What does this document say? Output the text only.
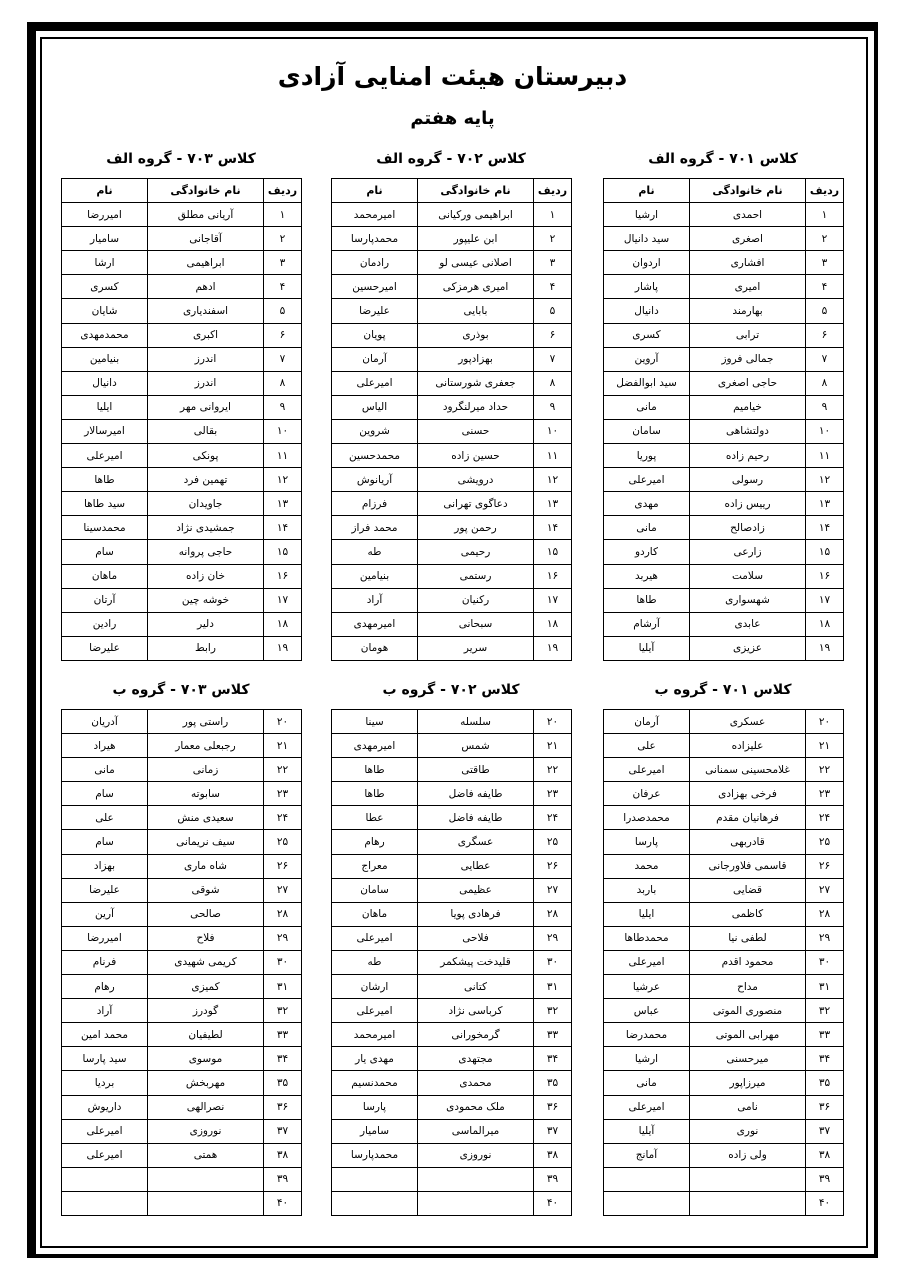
دبیرستان هیئت امنایی آزادی
پایه هفتم
کلاس ۷۰۱ - گروه الف
ردیف	نام خانوادگی	نام
۱	احمدی	ارشیا
۲	اصغری	سید دانیال
۳	افشاری	اردوان
۴	امیری	پاشار
۵	بهارمند	دانیال
۶	ترابی	کسری
۷	جمالی فروز	آروین
۸	حاجی اصغری	سید ابوالفضل
۹	خیامیم	مانی
۱۰	دولتشاهی	سامان
۱۱	رحیم زاده	پوریا
۱۲	رسولی	امیرعلی
۱۳	رییس زاده	مهدی
۱۴	زادصالح	مانی
۱۵	زارعی	کاردو
۱۶	سلامت	هیربد
۱۷	شهسواری	طاها
۱۸	عابدی	آرشام
۱۹	عزیزی	آیلیا
کلاس ۷۰۲ - گروه الف
ردیف	نام خانوادگی	نام
۱	ابراهیمی ورکیانی	امیرمحمد
۲	ابن علیپور	محمدپارسا
۳	اصلانی عیسی لو	رادمان
۴	امیری هرمزکی	امیرحسین
۵	بابایی	علیرضا
۶	بوذری	پویان
۷	بهزادپور	آرمان
۸	جعفری شورستانی	امیرعلی
۹	حداد میرلنگرود	الیاس
۱۰	حسنی	شروین
۱۱	حسین زاده	محمدحسین
۱۲	درویشی	آریانوش
۱۳	دعاگوی تهرانی	فرزام
۱۴	رحمن پور	محمد فراز
۱۵	رحیمی	طه
۱۶	رستمی	بنیامین
۱۷	رکنیان	آراد
۱۸	سبحانی	امیرمهدی
۱۹	سریر	هومان
کلاس ۷۰۳ - گروه الف
ردیف	نام خانوادگی	نام
۱	آریانی مطلق	امیررضا
۲	آقاجانی	سامیار
۳	ابراهیمی	ارشا
۴	ادهم	کسری
۵	اسفندیاری	شایان
۶	اکبری	محمدمهدی
۷	اندرز	بنیامین
۸	اندرز	دانیال
۹	ایروانی مهر	ایلیا
۱۰	بقالی	امیرسالار
۱۱	پونکی	امیرعلی
۱۲	تهمین فرد	طاها
۱۳	جاویدان	سید طاها
۱۴	جمشیدی نژاد	محمدسینا
۱۵	حاجی پروانه	سام
۱۶	خان زاده	ماهان
۱۷	خوشه چین	آرتان
۱۸	دلیر	رادین
۱۹	رابط	علیرضا
کلاس ۷۰۱ - گروه ب
۲۰	عسکری	آرمان
۲۱	علیزاده	علی
۲۲	غلامحسینی سمنانی	امیرعلی
۲۳	فرخی بهزادی	عرفان
۲۴	فرهانیان مقدم	محمدصدرا
۲۵	قادربهی	پارسا
۲۶	قاسمی فلاورجانی	محمد
۲۷	قضایی	باربد
۲۸	کاظمی	ایلیا
۲۹	لطفی نیا	محمدطاها
۳۰	محمود اقدم	امیرعلی
۳۱	مداح	عرشیا
۳۲	منصوری الموتی	عباس
۳۳	مهرابی الموتی	محمدرضا
۳۴	میرحسنی	ارشیا
۳۵	میرزاپور	مانی
۳۶	نامی	امیرعلی
۳۷	نوری	آیلیا
۳۸	ولی زاده	آمانج
۳۹		
۴۰		
کلاس ۷۰۲ - گروه ب
۲۰	سلسله	سینا
۲۱	شمس	امیرمهدی
۲۲	طاقتی	طاها
۲۳	طایفه فاضل	طاها
۲۴	طایفه فاضل	عطا
۲۵	عسگری	رهام
۲۶	عطایی	معراج
۲۷	عظیمی	سامان
۲۸	فرهادی پویا	ماهان
۲۹	فلاحی	امیرعلی
۳۰	قلیدخت پیشکمر	طه
۳۱	کتانی	ارشان
۳۲	کرباسی نژاد	امیرعلی
۳۳	گرمخورانی	امیرمحمد
۳۴	مجتهدی	مهدی یار
۳۵	محمدی	محمدنسیم
۳۶	ملک محمودی	پارسا
۳۷	میرالماسی	سامیار
۳۸	نوروزی	محمدپارسا
۳۹		
۴۰		
کلاس ۷۰۳ - گروه ب
۲۰	راستی پور	آدریان
۲۱	رجبعلی معمار	هیراد
۲۲	زمانی	مانی
۲۳	سابوته	سام
۲۴	سعیدی منش	علی
۲۵	سیف نریمانی	سام
۲۶	شاه ماری	بهزاد
۲۷	شوقی	علیرضا
۲۸	صالحی	آرین
۲۹	فلاح	امیررضا
۳۰	کریمی شهیدی	فرنام
۳۱	کمیزی	رهام
۳۲	گودرز	آراد
۳۳	لطیفیان	محمد امین
۳۴	موسوی	سید پارسا
۳۵	مهربخش	بردیا
۳۶	نصرالهی	داریوش
۳۷	نوروزی	امیرعلی
۳۸	همتی	امیرعلی
۳۹		
۴۰		
